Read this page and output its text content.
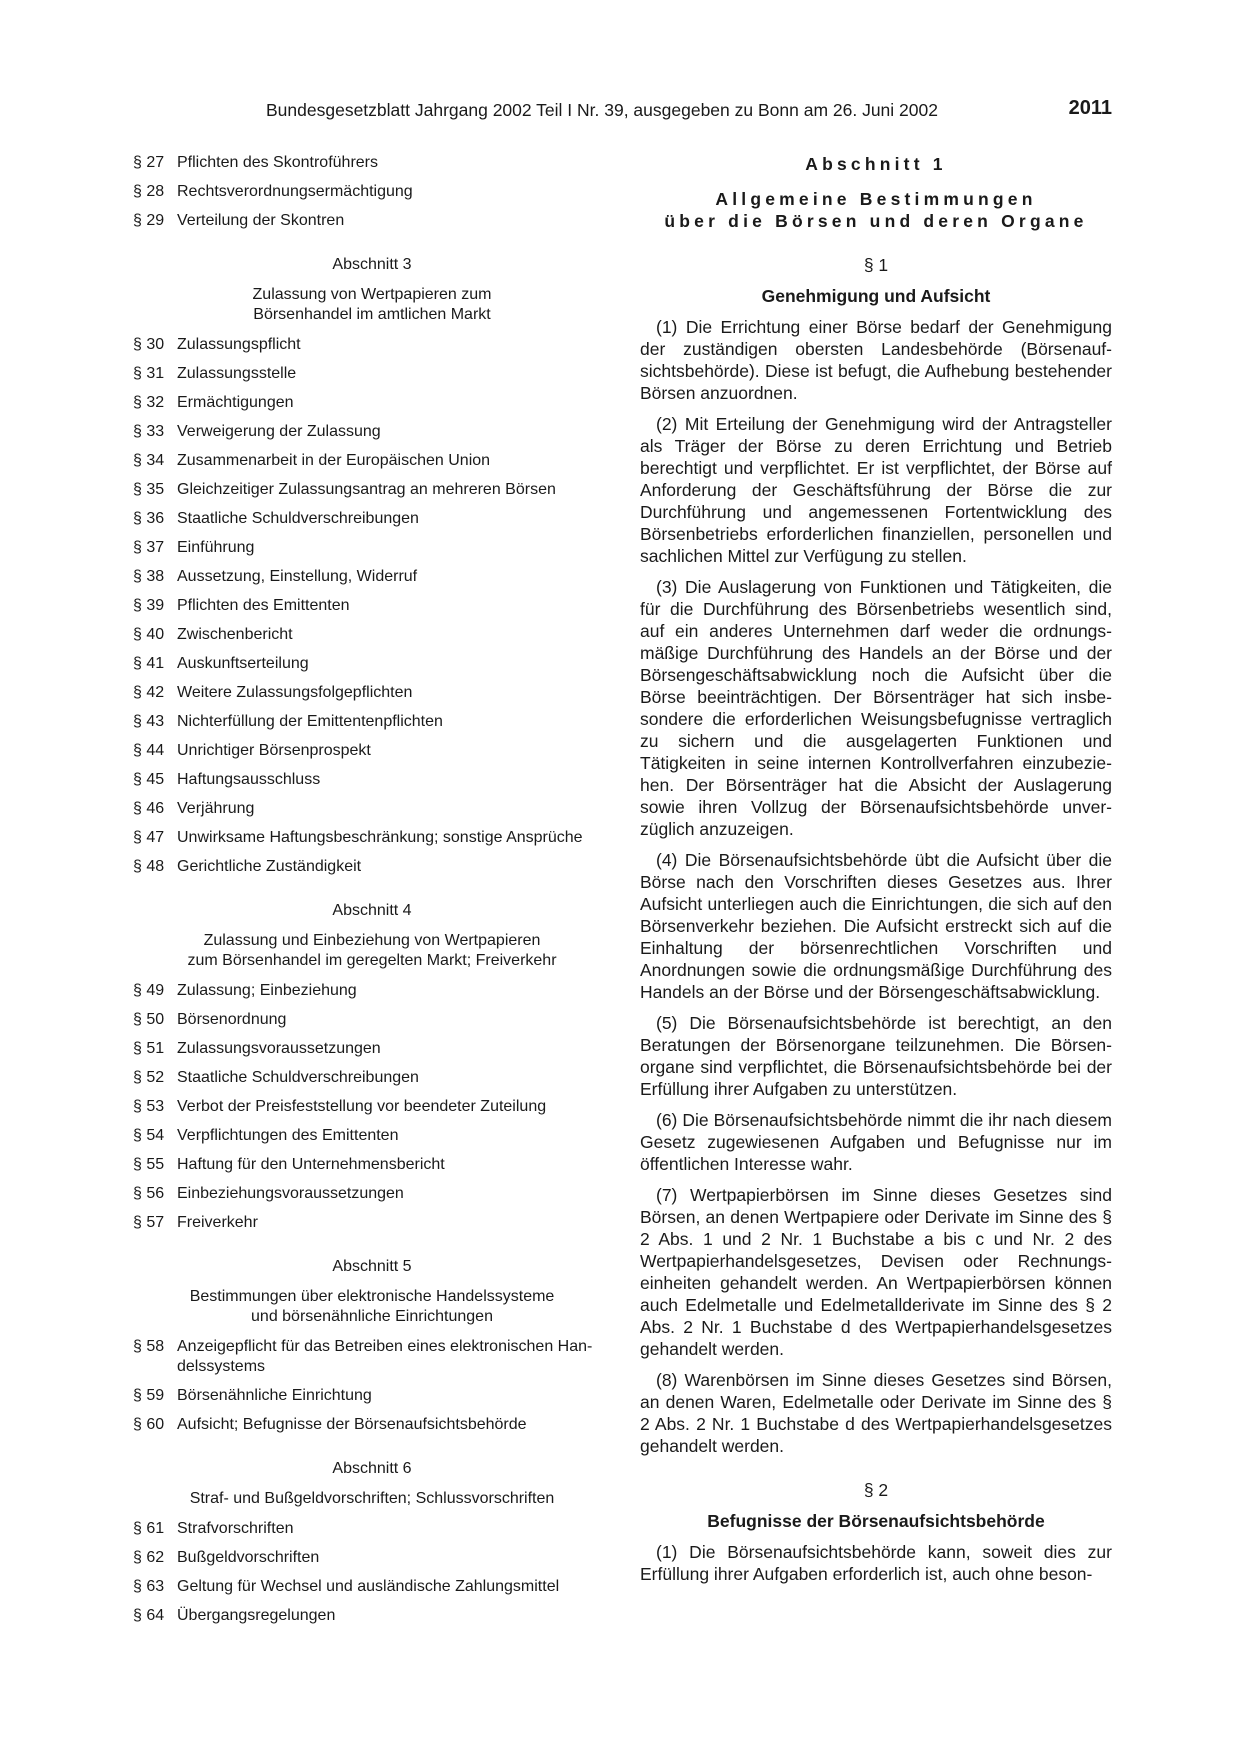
Bundesgesetzblatt Jahrgang 2002 Teil I Nr. 39, ausgegeben zu Bonn am 26. Juni 2002	2011
§ 27 Pflichten des Skontroführers
§ 28 Rechtsverordnungsermächtigung
§ 29 Verteilung der Skontren
Abschnitt 3
Zulassung von Wertpapieren zum
Börsenhandel im amtlichen Markt
§ 30 Zulassungspflicht
§ 31 Zulassungsstelle
§ 32 Ermächtigungen
§ 33 Verweigerung der Zulassung
§ 34 Zusammenarbeit in der Europäischen Union
§ 35 Gleichzeitiger Zulassungsantrag an mehreren Börsen
§ 36 Staatliche Schuldverschreibungen
§ 37 Einführung
§ 38 Aussetzung, Einstellung, Widerruf
§ 39 Pflichten des Emittenten
§ 40 Zwischenbericht
§ 41 Auskunftserteilung
§ 42 Weitere Zulassungsfolgepflichten
§ 43 Nichterfüllung der Emittentenpflichten
§ 44 Unrichtiger Börsenprospekt
§ 45 Haftungsausschluss
§ 46 Verjährung
§ 47 Unwirksame Haftungsbeschränkung; sonstige Ansprüche
§ 48 Gerichtliche Zuständigkeit
Abschnitt 4
Zulassung und Einbeziehung von Wertpapieren
zum Börsenhandel im geregelten Markt; Freiverkehr
§ 49 Zulassung; Einbeziehung
§ 50 Börsenordnung
§ 51 Zulassungsvoraussetzungen
§ 52 Staatliche Schuldverschreibungen
§ 53 Verbot der Preisfeststellung vor beendeter Zuteilung
§ 54 Verpflichtungen des Emittenten
§ 55 Haftung für den Unternehmensbericht
§ 56 Einbeziehungsvoraussetzungen
§ 57 Freiverkehr
Abschnitt 5
Bestimmungen über elektronische Handelssysteme
und börsenähnliche Einrichtungen
§ 58 Anzeigepflicht für das Betreiben eines elektronischen Handelssystems
§ 59 Börsenähnliche Einrichtung
§ 60 Aufsicht; Befugnisse der Börsenaufsichtsbehörde
Abschnitt 6
Straf- und Bußgeldvorschriften; Schlussvorschriften
§ 61 Strafvorschriften
§ 62 Bußgeldvorschriften
§ 63 Geltung für Wechsel und ausländische Zahlungsmittel
§ 64 Übergangsregelungen
Abschnitt 1
Allgemeine Bestimmungen
über die Börsen und deren Organe
§ 1
Genehmigung und Aufsicht

(1) Die Errichtung einer Börse bedarf der Genehmigung der zuständigen obersten Landesbehörde (Börsenaufsichtsbehörde). Diese ist befugt, die Aufhebung bestehender Börsen anzuordnen.

(2) Mit Erteilung der Genehmigung wird der Antragsteller als Träger der Börse zu deren Errichtung und Betrieb berechtigt und verpflichtet. Er ist verpflichtet, der Börse auf Anforderung der Geschäftsführung der Börse die zur Durchführung und angemessenen Fortentwicklung des Börsenbetriebs erforderlichen finanziellen, personellen und sachlichen Mittel zur Verfügung zu stellen.

(3) Die Auslagerung von Funktionen und Tätigkeiten, die für die Durchführung des Börsenbetriebs wesentlich sind, auf ein anderes Unternehmen darf weder die ordnungsmäßige Durchführung des Handels an der Börse und der Börsengeschäftsabwicklung noch die Aufsicht über die Börse beeinträchtigen. Der Börsenträger hat sich insbesondere die erforderlichen Weisungsbefugnisse vertraglich zu sichern und die ausgelagerten Funktionen und Tätigkeiten in seine internen Kontrollverfahren einzubeziehen. Der Börsenträger hat die Absicht der Auslagerung sowie ihren Vollzug der Börsenaufsichtsbehörde unverzüglich anzuzeigen.

(4) Die Börsenaufsichtsbehörde übt die Aufsicht über die Börse nach den Vorschriften dieses Gesetzes aus. Ihrer Aufsicht unterliegen auch die Einrichtungen, die sich auf den Börsenverkehr beziehen. Die Aufsicht erstreckt sich auf die Einhaltung der börsenrechtlichen Vorschriften und Anordnungen sowie die ordnungsmäßige Durchführung des Handels an der Börse und der Börsengeschäftsabwicklung.

(5) Die Börsenaufsichtsbehörde ist berechtigt, an den Beratungen der Börsenorgane teilzunehmen. Die Börsenorgane sind verpflichtet, die Börsenaufsichtsbehörde bei der Erfüllung ihrer Aufgaben zu unterstützen.

(6) Die Börsenaufsichtsbehörde nimmt die ihr nach diesem Gesetz zugewiesenen Aufgaben und Befugnisse nur im öffentlichen Interesse wahr.

(7) Wertpapierbörsen im Sinne dieses Gesetzes sind Börsen, an denen Wertpapiere oder Derivate im Sinne des § 2 Abs. 1 und 2 Nr. 1 Buchstabe a bis c und Nr. 2 des Wertpapierhandelsgesetzes, Devisen oder Rechnungseinheiten gehandelt werden. An Wertpapierbörsen können auch Edelmetalle und Edelmetallderivate im Sinne des § 2 Abs. 2 Nr. 1 Buchstabe d des Wertpapierhandelsgesetzes gehandelt werden.

(8) Warenbörsen im Sinne dieses Gesetzes sind Börsen, an denen Waren, Edelmetalle oder Derivate im Sinne des § 2 Abs. 2 Nr. 1 Buchstabe d des Wertpapierhandelsgesetzes gehandelt werden.

§ 2
Befugnisse der Börsenaufsichtsbehörde

(1) Die Börsenaufsichtsbehörde kann, soweit dies zur Erfüllung ihrer Aufgaben erforderlich ist, auch ohne beson-
